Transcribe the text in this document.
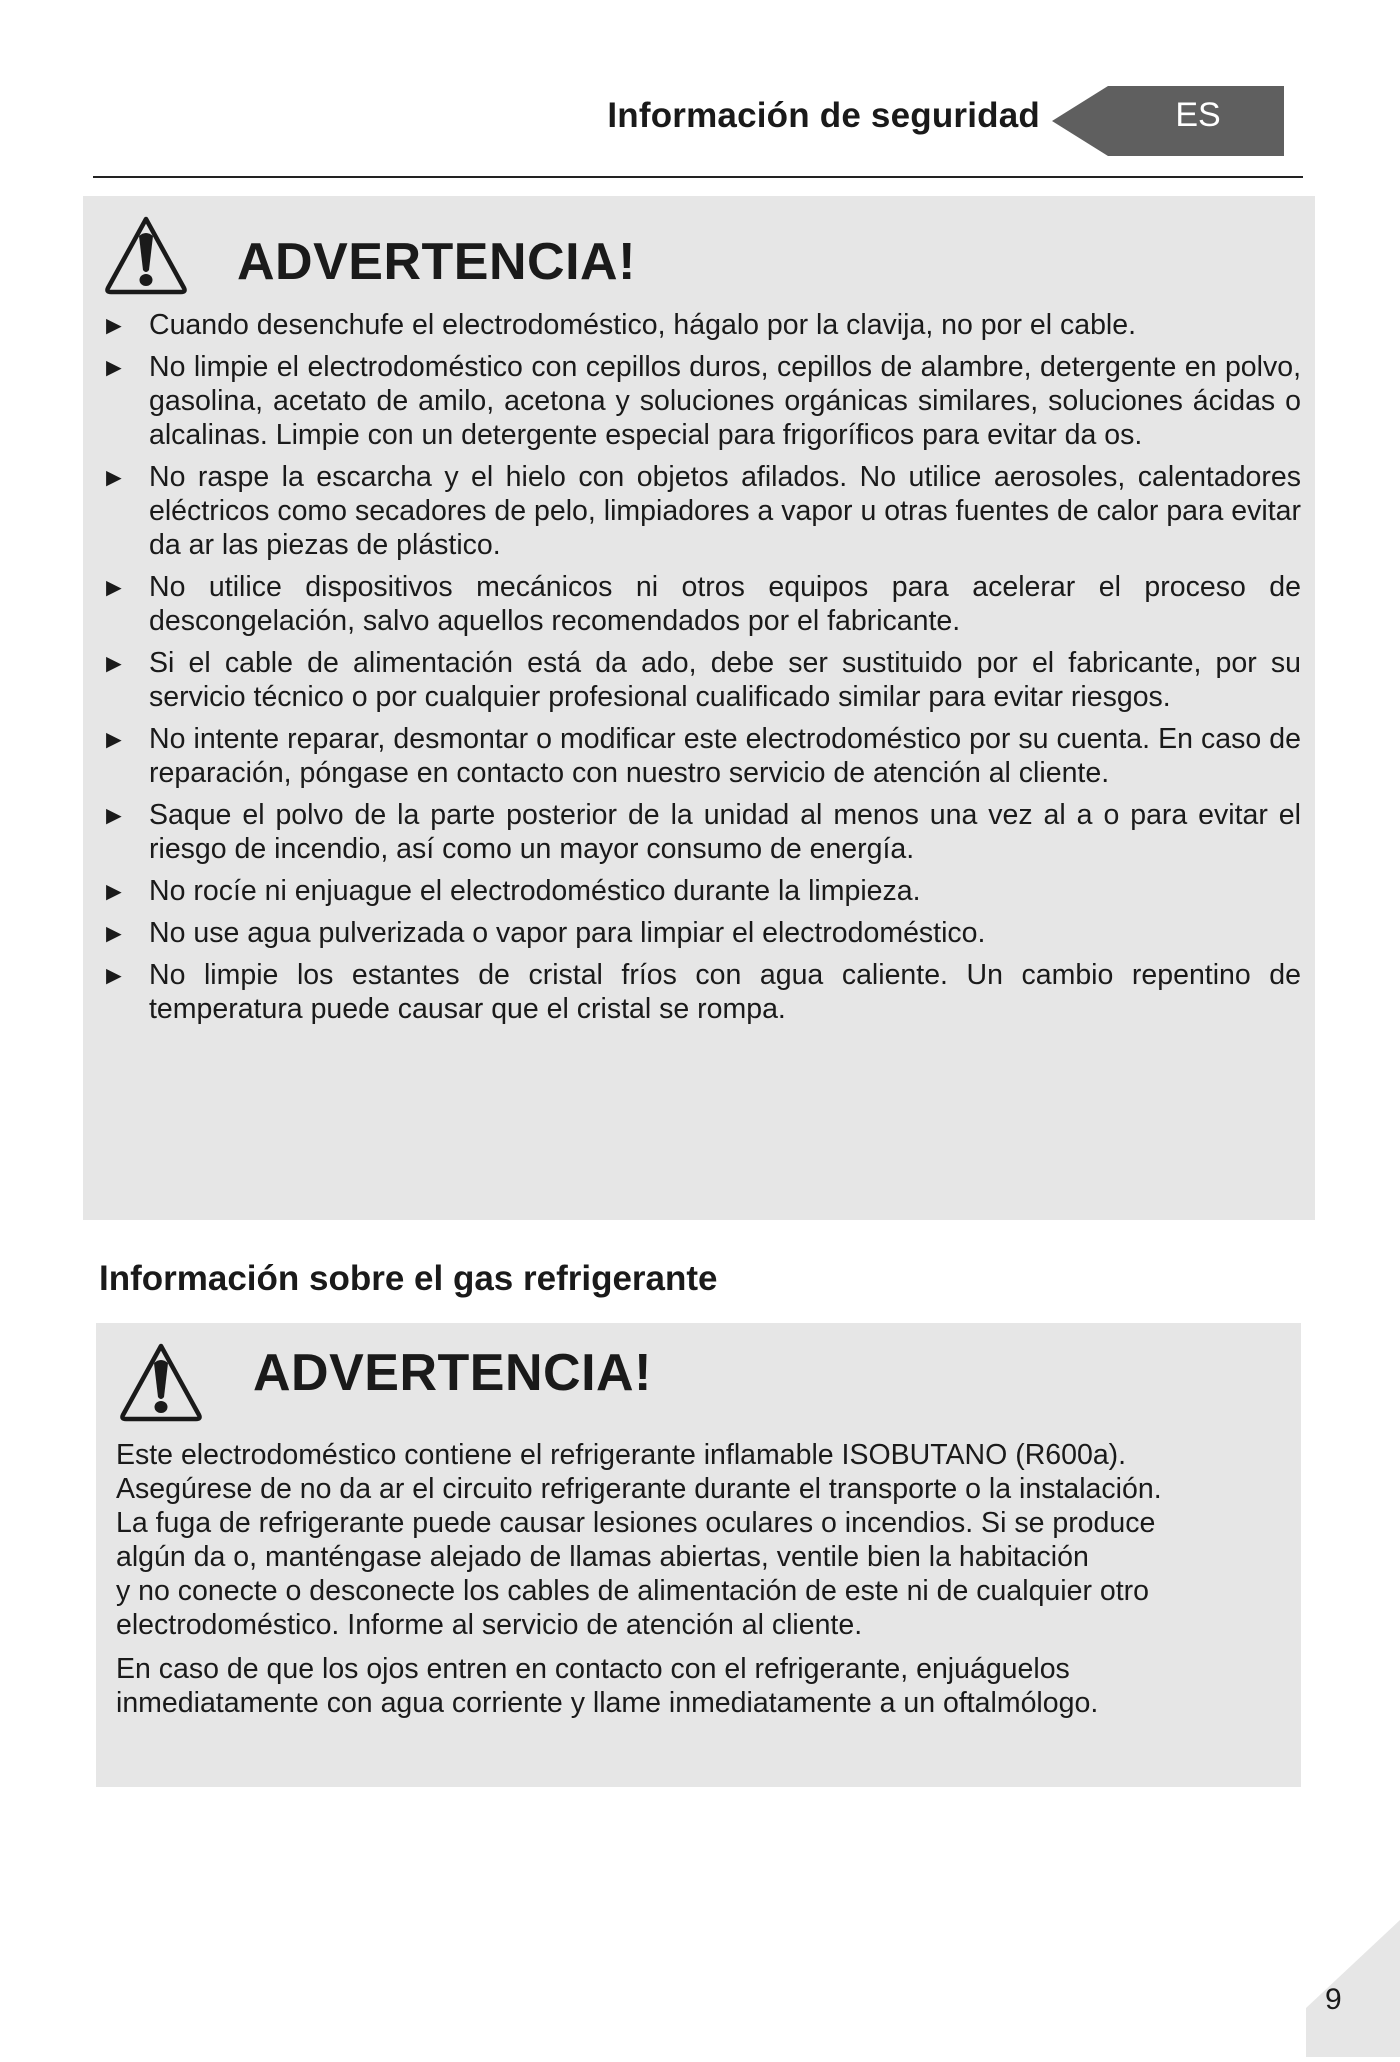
Información de seguridad	ES
ADVERTENCIA!
► Cuando desenchufe el electrodoméstico, hágalo por la clavija, no por el cable.
► No limpie el electrodoméstico con cepillos duros, cepillos de alambre, detergente en polvo, gasolina, acetato de amilo, acetona y soluciones orgánicas similares, soluciones ácidas o alcalinas. Limpie con un detergente especial para frigoríficos para evitar da os.
► No raspe la escarcha y el hielo con objetos afilados. No utilice aerosoles, calentadores eléctricos como secadores de pelo, limpiadores a vapor u otras fuentes de calor para evitar da ar las piezas de plástico.
► No utilice dispositivos mecánicos ni otros equipos para acelerar el proceso de descongelación, salvo aquellos recomendados por el fabricante.
► Si el cable de alimentación está da ado, debe ser sustituido por el fabricante, por su servicio técnico o por cualquier profesional cualificado similar para evitar riesgos.
► No intente reparar, desmontar o modificar este electrodoméstico por su cuenta. En caso de reparación, póngase en contacto con nuestro servicio de atención al cliente.
► Saque el polvo de la parte posterior de la unidad al menos una vez al a o para evitar el riesgo de incendio, así como un mayor consumo de energía.
► No rocíe ni enjuague el electrodoméstico durante la limpieza.
► No use agua pulverizada o vapor para limpiar el electrodoméstico.
► No limpie los estantes de cristal fríos con agua caliente. Un cambio repentino de temperatura puede causar que el cristal se rompa.
Información sobre el gas refrigerante
ADVERTENCIA!

Este electrodoméstico contiene el refrigerante inflamable ISOBUTANO (R600a).
Asegúrese de no da ar el circuito refrigerante durante el transporte o la instalación.
La fuga de refrigerante puede causar lesiones oculares o incendios. Si se produce
algún da o, manténgase alejado de llamas abiertas, ventile bien la habitación
y no conecte o desconecte los cables de alimentación de este ni de cualquier otro
electrodoméstico. Informe al servicio de atención al cliente.

En caso de que los ojos entren en contacto con el refrigerante, enjuáguelos
inmediatamente con agua corriente y llame inmediatamente a un oftalmólogo.

9
